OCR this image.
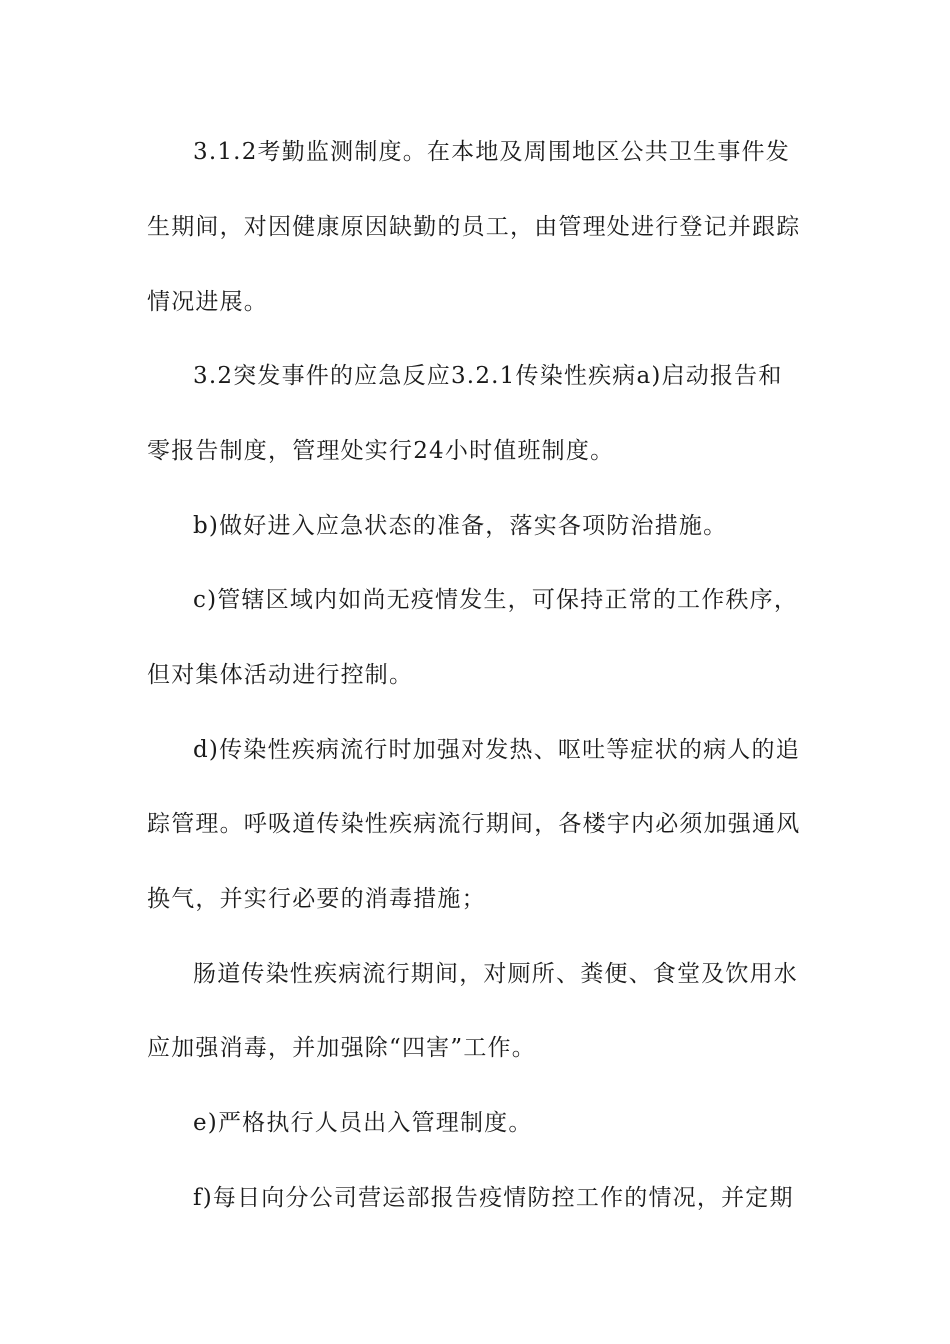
3.1.2考勤监测制度。在本地及周围地区公共卫生事件发
生期间，对因健康原因缺勤的员工，由管理处进行登记并跟踪
情况进展。
3.2突发事件的应急反应3.2.1传染性疾病a)启动报告和
零报告制度，管理处实行24小时值班制度。
b)做好进入应急状态的准备，落实各项防治措施。
c)管辖区域内如尚无疫情发生，可保持正常的工作秩序，
但对集体活动进行控制。
d)传染性疾病流行时加强对发热、呕吐等症状的病人的追
踪管理。呼吸道传染性疾病流行期间，各楼宇内必须加强通风
换气，并实行必要的消毒措施；
肠道传染性疾病流行期间，对厕所、粪便、食堂及饮用水
应加强消毒，并加强除“四害”工作。
e)严格执行人员出入管理制度。
f)每日向分公司营运部报告疫情防控工作的情况，并定期
